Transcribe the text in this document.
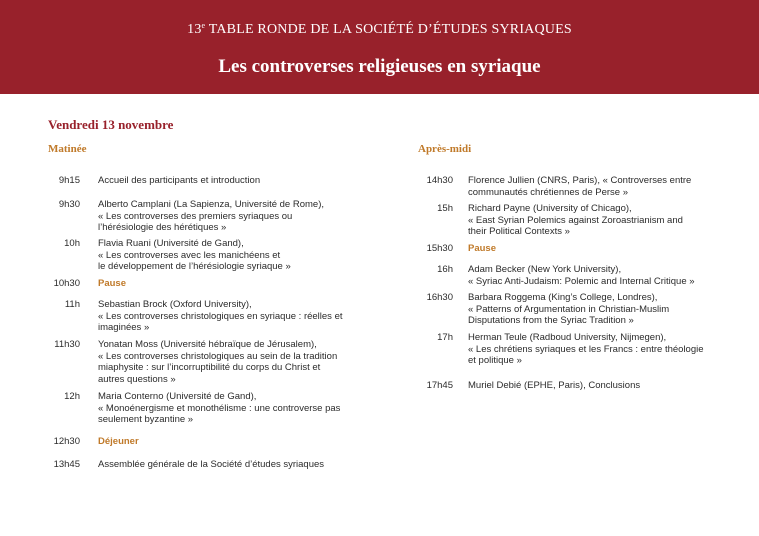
13e TABLE RONDE DE LA SOCIÉTÉ D’ÉTUDES SYRIAQUES
Les controverses religieuses en syriaque
Vendredi 13 novembre
Matinée	Après-midi
9h15 Accueil des participants et introduction
9h30 Alberto Camplani (La Sapienza, Université de Rome),
« Les controverses des premiers syriaques ou
l’hérésiologie des hérétiques »
10h Flavia Ruani (Université de Gand),
« Les controverses avec les manichéens et
le développement de l’hérésiologie syriaque »
10h30 Pause
11h Sebastian Brock (Oxford University),
« Les controverses christologiques en syriaque : réelles et
imaginées »
11h30 Yonatan Moss (Université hébraïque de Jérusalem),
« Les controverses christologiques au sein de la tradition
miaphysite : sur l’incorruptibilité du corps du Christ et
autres questions »
12h Maria Conterno (Université de Gand),
« Monoénergisme et monothélisme : une controverse pas
seulement byzantine »
12h30 Déjeuner
13h45 Assemblée générale de la Société d’études syriaques
14h30 Florence Jullien (CNRS, Paris), « Controverses entre
communautés chrétiennes de Perse »
15h Richard Payne (University of Chicago),
« East Syrian Polemics against Zoroastrianism and
their Political Contexts »
15h30 Pause
16h Adam Becker (New York University),
« Syriac Anti-Judaism: Polemic and Internal Critique »
16h30 Barbara Roggema (King’s College, Londres),
« Patterns of Argumentation in Christian-Muslim
Disputations from the Syriac Tradition »
17h Herman Teule (Radboud University, Nijmegen),
« Les chrétiens syriaques et les Francs : entre théologie
et politique »
17h45 Muriel Debié (EPHE, Paris), Conclusions
